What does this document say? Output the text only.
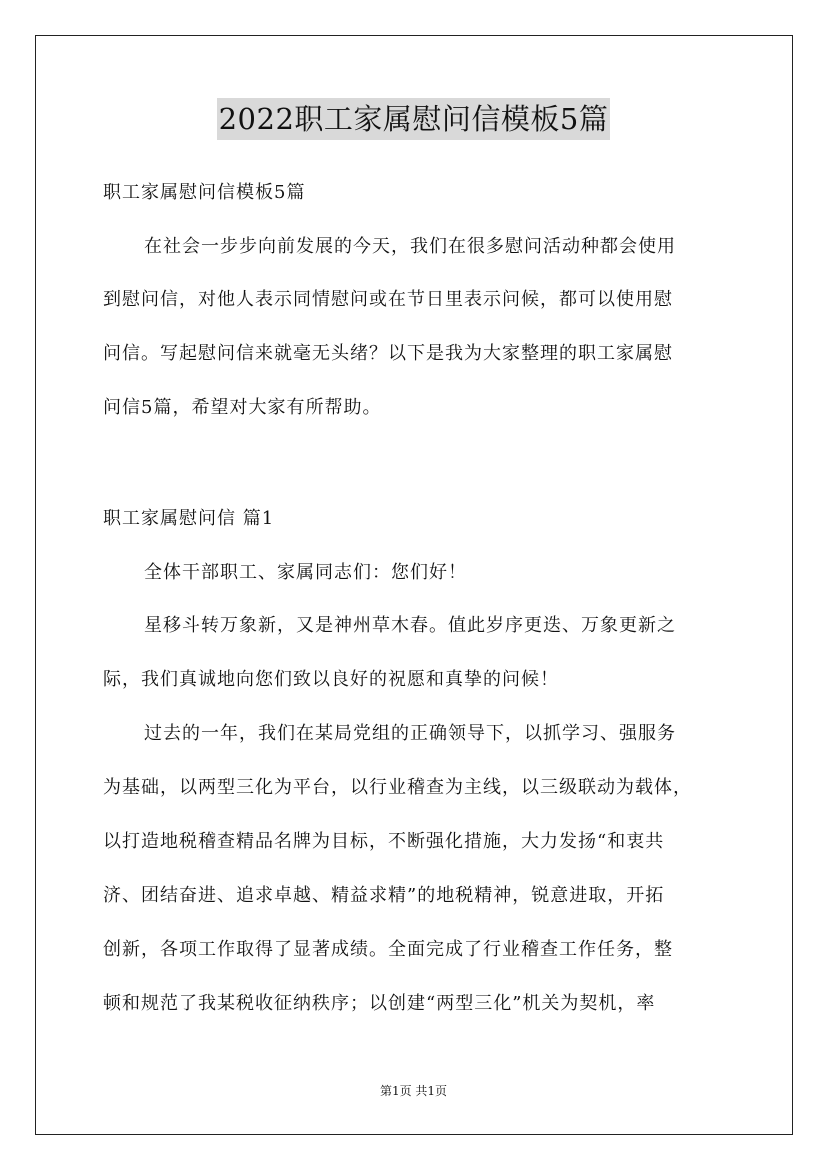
2022职工家属慰问信模板5篇
职工家属慰问信模板5篇
在社会一步步向前发展的今天，我们在很多慰问活动种都会使用
到慰问信，对他人表示同情慰问或在节日里表示问候，都可以使用慰
问信。写起慰问信来就毫无头绪？以下是我为大家整理的职工家属慰
问信5篇，希望对大家有所帮助。
职工家属慰问信 篇1
全体干部职工、家属同志们：您们好！
星移斗转万象新，又是神州草木春。值此岁序更迭、万象更新之
际，我们真诚地向您们致以良好的祝愿和真挚的问候！
过去的一年，我们在某局党组的正确领导下，以抓学习、强服务
为基础，以两型三化为平台，以行业稽查为主线，以三级联动为载体，
以打造地税稽查精品名牌为目标，不断强化措施，大力发扬“和衷共
济、团结奋进、追求卓越、精益求精”的地税精神，锐意进取，开拓
创新，各项工作取得了显著成绩。全面完成了行业稽查工作任务，整
顿和规范了我某税收征纳秩序；以创建“两型三化”机关为契机，率
第1页 共1页
